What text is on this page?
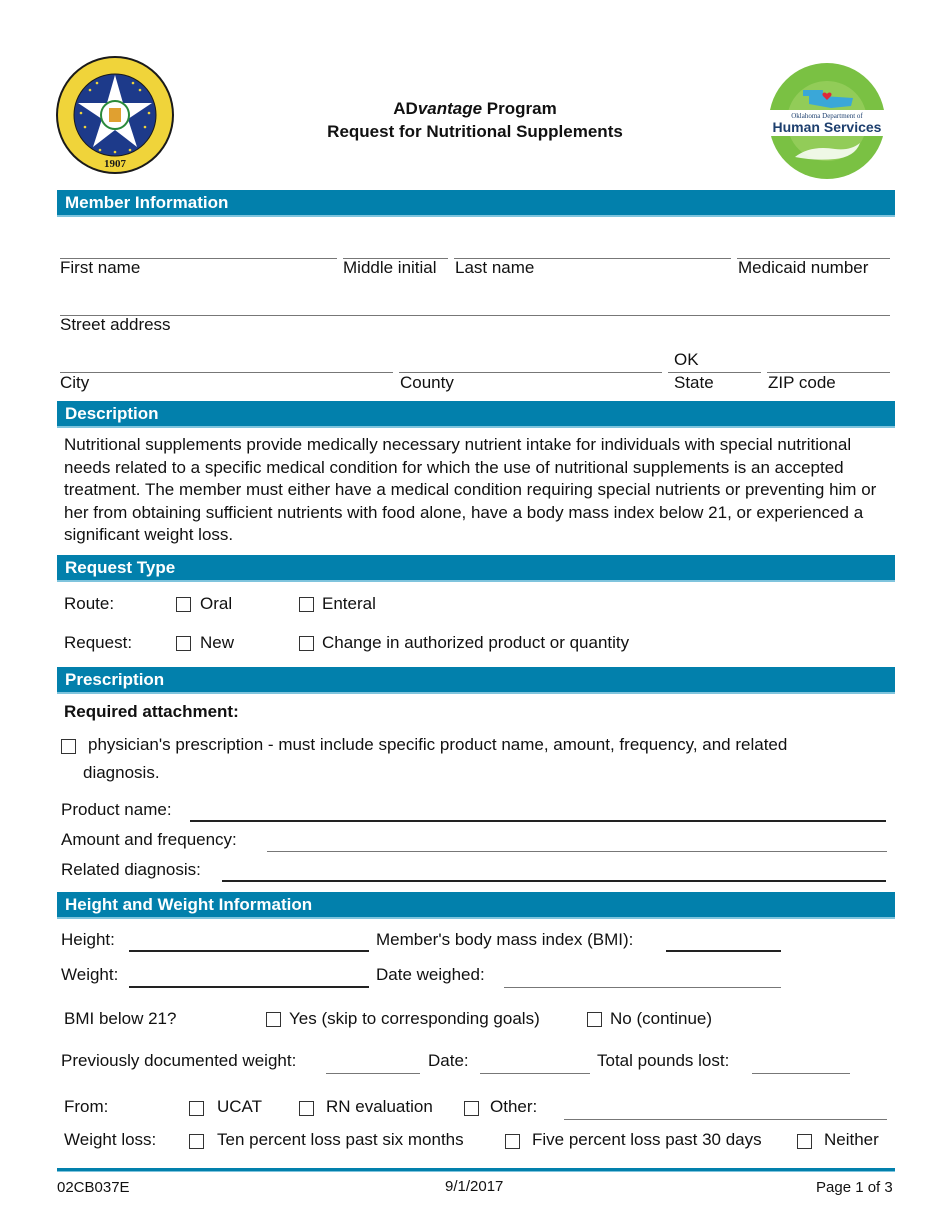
1907
ADvantage Program
Request for Nutritional Supplements
Oklahoma Department of
Human Services
Member Information
First name	Middle initial Last name	Medicaid number
Street address
OK
City	County	State	ZIP code
Description
Nutritional supplements provide medically necessary nutrient intake for individuals with special nutritional needs related to a specific medical condition for which the use of nutritional supplements is an accepted treatment. The member must either have a medical condition requiring special nutrients or preventing him or her from obtaining sufficient nutrients with food alone, have a body mass index below 21, or experienced a significant weight loss.
Request Type
Route:	Oral	Enteral
Request:	New	Change in authorized product or quantity
Prescription
Required attachment:
physician's prescription - must include specific product name, amount, frequency, and related
diagnosis.
Product name:
Amount and frequency:
Related diagnosis:
Height and Weight Information
Height:	Member's body mass index (BMI):
Weight:	Date weighed:
BMI below 21?	Yes (skip to corresponding goals)	No (continue)
Previously documented weight:	Date:	Total pounds lost:
From:	UCAT	RN evaluation	Other:
Weight loss:	Ten percent loss past six months	Five percent loss past 30 days	Neither
02CB037E	9/1/2017	Page 1 of 3
